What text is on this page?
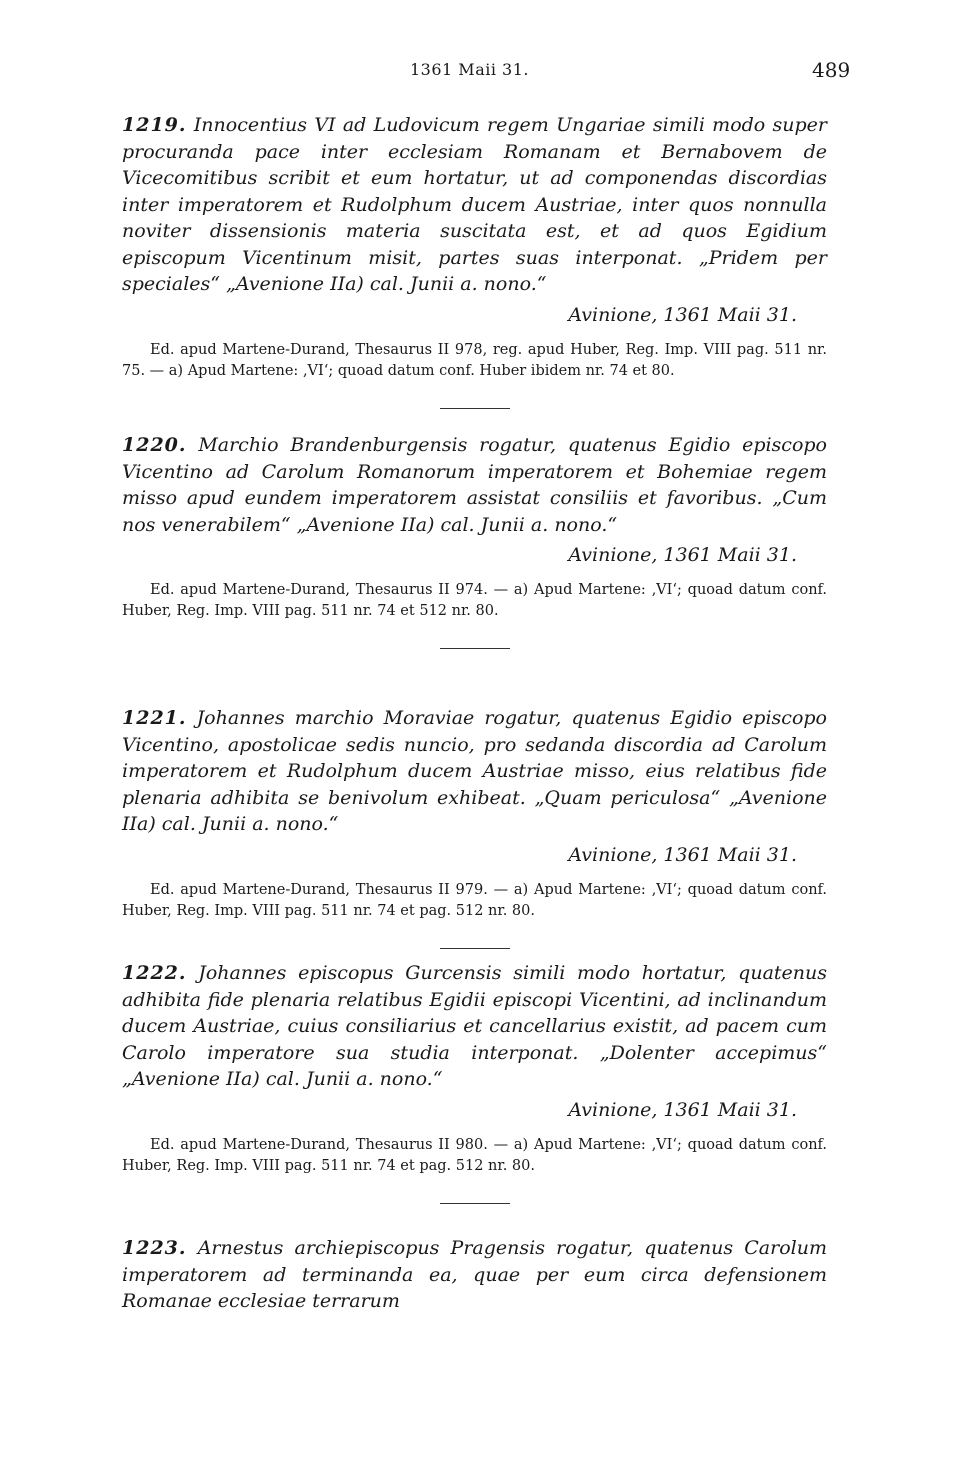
1361 Maii 31.	489

1219. Innocentius VI ad Ludovicum regem Ungariae simili modo super procuranda pace inter ecclesiam Romanam et Bernabovem de Vicecomitibus scribit et eum hortatur, ut ad componendas discordias inter imperatorem et Rudolphum ducem Austriae, inter quos nonnulla noviter dissensionis materia suscitata est, et ad quos Egidium episcopum Vicentinum misit, partes suas interponat. „Pridem per speciales“ „Avenione IIa) cal. Junii a. nono.“

Avinione, 1361 Maii 31.
Ed. apud Martene-Durand, Thesaurus II 978, reg. apud Huber, Reg. Imp. VIII pag. 511 nr. 75. — a) Apud Martene: ‚VI‘; quoad datum conf. Huber ibidem nr. 74 et 80.

1220. Marchio Brandenburgensis rogatur, quatenus Egidio episcopo Vicentino ad Carolum Romanorum imperatorem et Bohemiae regem misso apud eundem imperatorem assistat consiliis et favoribus. „Cum nos venerabilem“ „Avenione IIa) cal. Junii a. nono.“

Avinione, 1361 Maii 31.
Ed. apud Martene-Durand, Thesaurus II 974. — a) Apud Martene: ‚VI‘; quoad datum conf. Huber, Reg. Imp. VIII pag. 511 nr. 74 et 512 nr. 80.

1221. Johannes marchio Moraviae rogatur, quatenus Egidio episcopo Vicentino, apostolicae sedis nuncio, pro sedanda discordia ad Carolum imperatorem et Rudolphum ducem Austriae misso, eius relatibus fide plenaria adhibita se benivolum exhibeat. „Quam periculosa“ „Avenione IIa) cal. Junii a. nono.“

Avinione, 1361 Maii 31.
Ed. apud Martene-Durand, Thesaurus II 979. — a) Apud Martene: ‚VI‘; quoad datum conf. Huber, Reg. Imp. VIII pag. 511 nr. 74 et pag. 512 nr. 80.

1222. Johannes episcopus Gurcensis simili modo hortatur, quatenus adhibita fide plenaria relatibus Egidii episcopi Vicentini, ad inclinandum ducem Austriae, cuius consiliarius et cancellarius existit, ad pacem cum Carolo imperatore sua studia interponat. „Dolenter accepimus“ „Avenione IIa) cal. Junii a. nono.“

Avinione, 1361 Maii 31.
Ed. apud Martene-Durand, Thesaurus II 980. — a) Apud Martene: ‚VI‘; quoad datum conf. Huber, Reg. Imp. VIII pag. 511 nr. 74 et pag. 512 nr. 80.

1223. Arnestus archiepiscopus Pragensis rogatur, quatenus Carolum imperatorem ad terminanda ea, quae per eum circa defensionem Romanae ecclesiae terrarum
